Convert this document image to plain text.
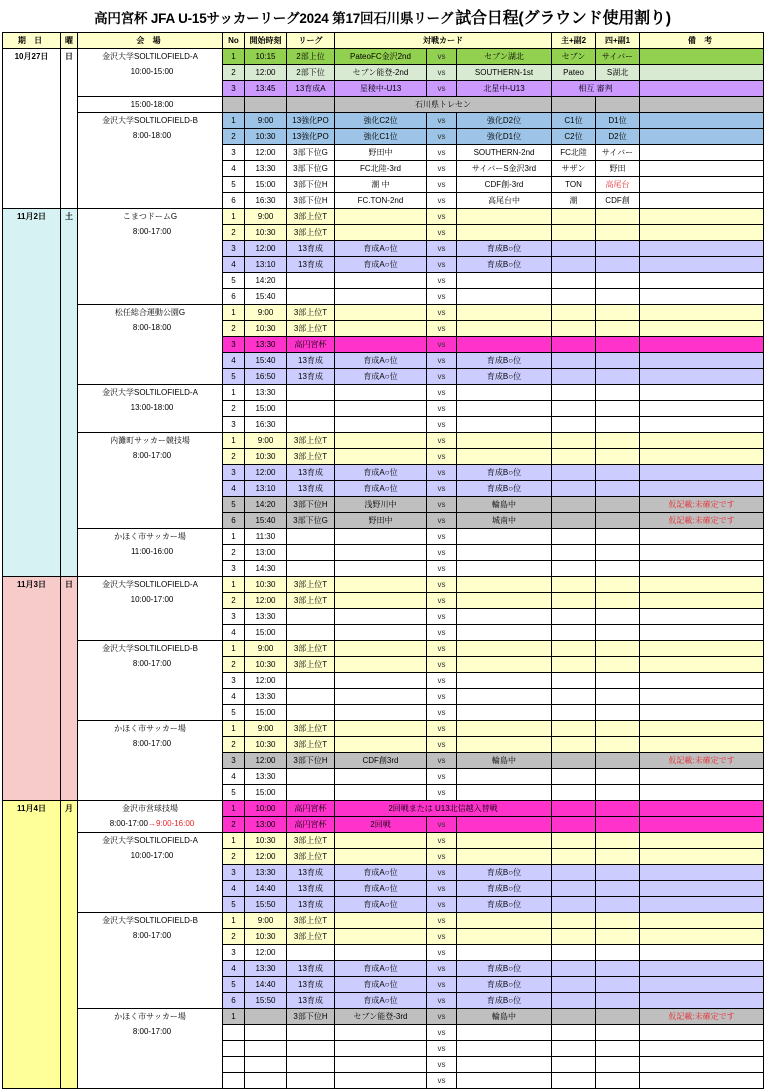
高円宮杯 JFA U-15サッカーリーグ2024 第17回石川県リーグ 試合日程(グラウンド使用割り)
期 日	曜	会 場	No	開始時刻	リーグ	対戦カード			主+副2	四+副1	備 考
10月27日	日	金沢大学SOLTILOFIELD-A
10:00-15:00	1	10:15	2部上位	PateoFC金沢2nd	vs	セブン湖北	セブン	サイバー	
			2	12:00	2部下位	セブン能登-2nd	vs	SOUTHERN-1st	Pateo	S湖北	
			3	13:45	13育成A	星稜中-U13	vs	北星中-U13	相互 審判		

		15:00-18:00				石川県トレセン					
		金沢大学SOLTILOFIELD-B
8:00-18:00	1	9:00	13強化PO	強化C2位	vs	強化D2位	C1位	D1位	
			2	10:30	13強化PO	強化C1位	vs	強化D1位	C2位	D2位	
			3	12:00	3部下位G	野田中	vs	SOUTHERN-2nd	FC北陸	サイバー	
			4	13:30	3部下位G	FC北陸-3rd	vs	サイバーS金沢3rd	サザン	野田	
			5	15:00	3部下位H	潮 中	vs	CDF創-3rd	TON	高尾台	
			6	16:30	3部下位H	FC.TON-2nd	vs	高尾台中	潮	CDF創	
11月2日	土	こまつドームG
8:00-17:00	1	9:00	3部上位T		vs				
			2	10:30	3部上位T		vs				
			3	12:00	13育成	育成A○位	vs	育成B○位			
			4	13:10	13育成	育成A○位	vs	育成B○位			
			5	14:20			vs				
			6	15:40			vs				
		松任総合運動公園G
8:00-18:00	1	9:00	3部上位T		vs				
			2	10:30	3部上位T		vs				
			3	13:30	高円宮杯		vs				
			4	15:40	13育成	育成A○位	vs	育成B○位			
			5	16:50	13育成	育成A○位	vs	育成B○位			
		金沢大学SOLTILOFIELD-A
13:00-18:00	1	13:30			vs				
			2	15:00			vs				
			3	16:30			vs				
		内灘町サッカー競技場
8:00-17:00	1	9:00	3部上位T		vs				
			2	10:30	3部上位T		vs				
			3	12:00	13育成	育成A○位	vs	育成B○位			
			4	13:10	13育成	育成A○位	vs	育成B○位			
			5	14:20	3部下位H	浅野川中	vs	輪島中			仮記載:未確定です
			6	15:40	3部下位G	野田中	vs	城南中			仮記載:未確定です
		かほく市サッカー場
11:00-16:00	1	11:30			vs				
			2	13:00			vs				
			3	14:30			vs				
11月3日	日	金沢大学SOLTILOFIELD-A
10:00-17:00	1	10:30	3部上位T		vs				
			2	12:00	3部上位T		vs				
			3	13:30			vs				
			4	15:00			vs				
		金沢大学SOLTILOFIELD-B
8:00-17:00	1	9:00	3部上位T		vs				
			2	10:30	3部上位T		vs				
			3	12:00			vs				
			4	13:30			vs				
			5	15:00			vs				
		かほく市サッカー場
8:00-17:00	1	9:00	3部上位T		vs				
			2	10:30	3部上位T		vs				
			3	12:00	3部下位H	CDF創3rd	vs	輪島中			仮記載:未確定です
			4	13:30			vs				
			5	15:00			vs				
11月4日	月	金沢市営球技場
8:00-17:00→9:00-16:00	1	10:00	高円宮杯	2回戦または U13北信越入替戦					
			2	13:00	高円宮杯	2回戦	vs				
		金沢大学SOLTILOFIELD-A
10:00-17:00	1	10:30	3部上位T		vs				
			2	12:00	3部上位T		vs				
			3	13:30	13育成	育成A○位	vs	育成B○位			
			4	14:40	13育成	育成A○位	vs	育成B○位			
			5	15:50	13育成	育成A○位	vs	育成B○位			
		金沢大学SOLTILOFIELD-B
8:00-17:00	1	9:00	3部上位T		vs				
			2	10:30	3部上位T		vs				
			3	12:00			vs				
			4	13:30	13育成	育成A○位	vs	育成B○位			
			5	14:40	13育成	育成A○位	vs	育成B○位			
			6	15:50	13育成	育成A○位	vs	育成B○位			
		かほく市サッカー場
8:00-17:00	1		3部下位H	セブン能登-3rd	vs	輪島中			仮記載:未確定です
							vs				
							vs				
							vs				
							vs				
